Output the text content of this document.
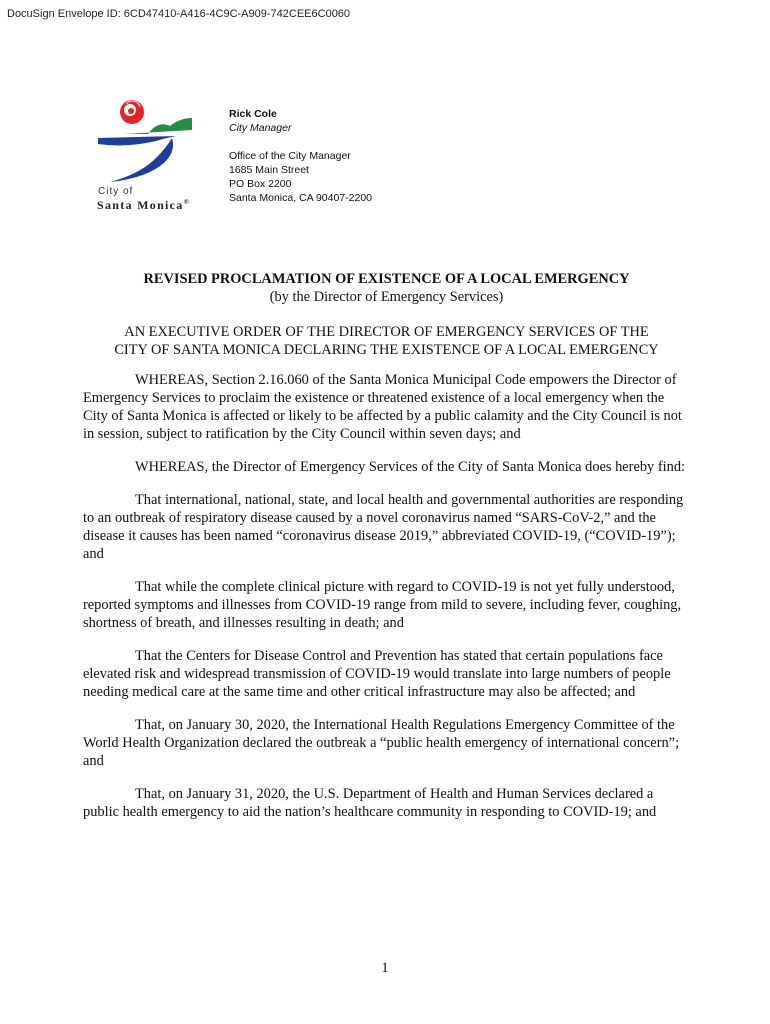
DocuSign Envelope ID: 6CD47410-A416-4C9C-A909-742CEE6C0060
City of
Santa Monica®
Rick Cole
City Manager
Office of the City Manager
1685 Main Street
PO Box 2200
Santa Monica, CA 90407-2200
REVISED PROCLAMATION OF EXISTENCE OF A LOCAL EMERGENCY
(by the Director of Emergency Services)
AN EXECUTIVE ORDER OF THE DIRECTOR OF EMERGENCY SERVICES OF THE
CITY OF SANTA MONICA DECLARING THE EXISTENCE OF A LOCAL EMERGENCY

WHEREAS, Section 2.16.060 of the Santa Monica Municipal Code empowers the Director of Emergency Services to proclaim the existence or threatened existence of a local emergency when the City of Santa Monica is affected or likely to be affected by a public calamity and the City Council is not in session, subject to ratification by the City Council within seven days; and

WHEREAS, the Director of Emergency Services of the City of Santa Monica does hereby find:

That international, national, state, and local health and governmental authorities are responding to an outbreak of respiratory disease caused by a novel coronavirus named “SARS-CoV-2,” and the disease it causes has been named “coronavirus disease 2019,” abbreviated COVID-19, (“COVID-19”); and

That while the complete clinical picture with regard to COVID-19 is not yet fully understood, reported symptoms and illnesses from COVID-19 range from mild to severe, including fever, coughing, shortness of breath, and illnesses resulting in death; and

That the Centers for Disease Control and Prevention has stated that certain populations face elevated risk and widespread transmission of COVID-19 would translate into large numbers of people needing medical care at the same time and other critical infrastructure may also be affected; and

That, on January 30, 2020, the International Health Regulations Emergency Committee of the World Health Organization declared the outbreak a “public health emergency of international concern”; and

That, on January 31, 2020, the U.S. Department of Health and Human Services declared a public health emergency to aid the nation’s healthcare community in responding to COVID-19; and

1
